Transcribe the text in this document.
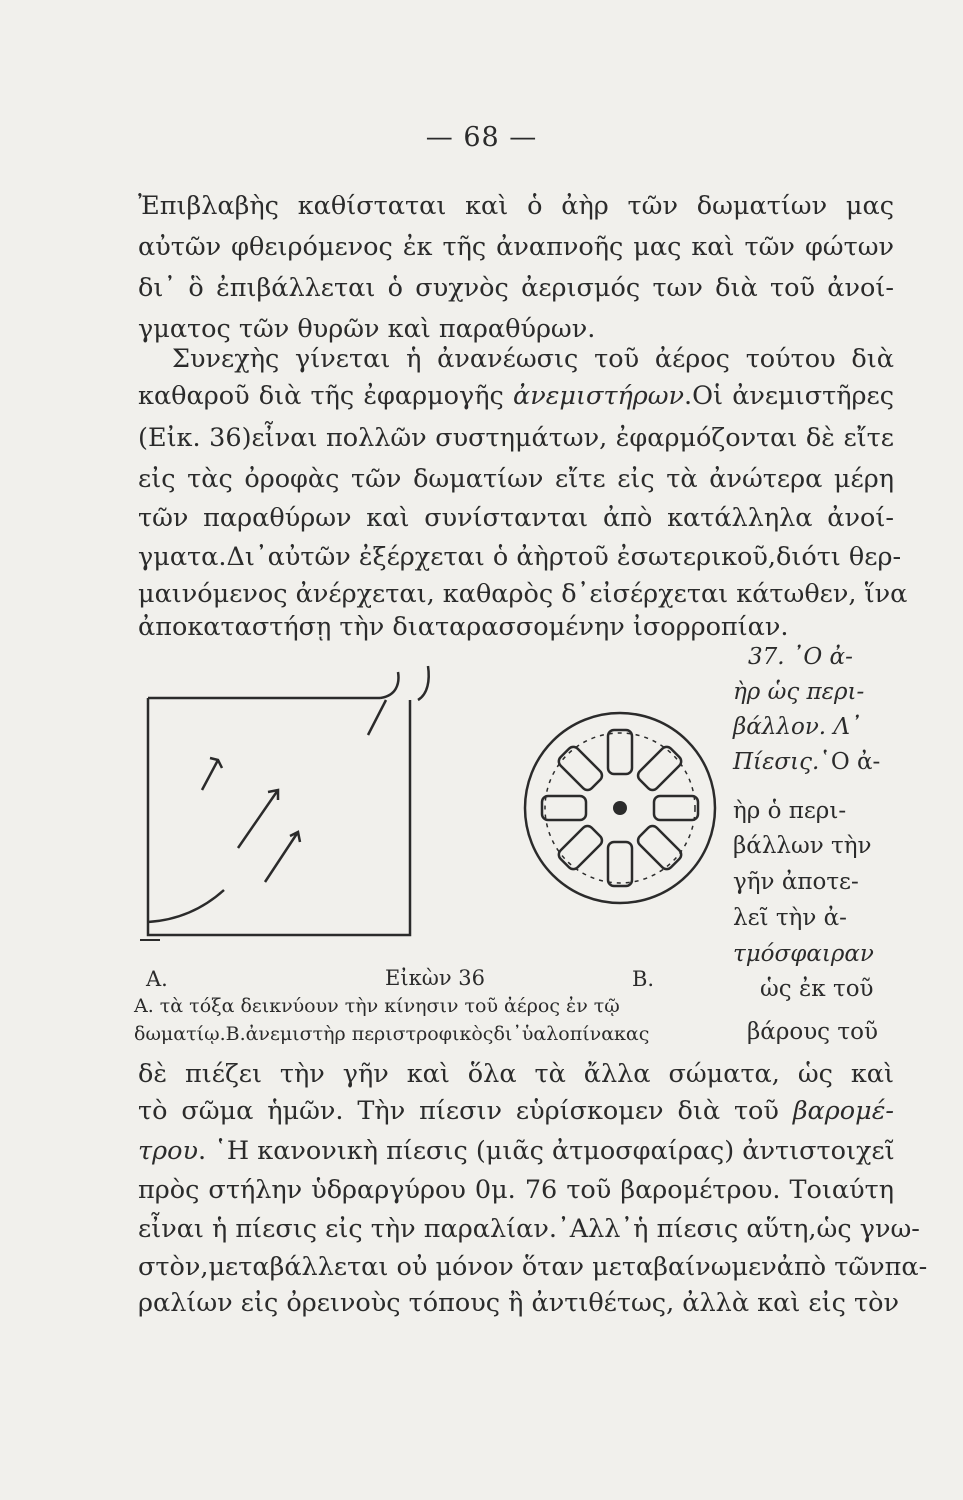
— 68 —
Ἐπιβλαβὴς καθίσταται καὶ ὁ ἀὴρ τῶν δωματίων μας
αὐτῶν φθειρόμενος ἐκ τῆς ἀναπνοῆς μας καὶ τῶν φώτων
δι᾽ ὃ ἐπιβάλλεται ὁ συχνὸς ἀερισμός των διὰ τοῦ ἀνοί-
γματος τῶν θυρῶν καὶ παραθύρων.
Συνεχὴς γίνεται ἡ ἀνανέωσις τοῦ ἀέρος τούτου διὰ
καθαροῦ διὰ τῆς ἐφαρμογῆς ἀνεμιστήρων.Οἱ ἀνεμιστῆρες
(Εἰκ. 36)εἶναι πολλῶν συστημάτων, ἐφαρμόζονται δὲ εἴτε
εἰς τὰς ὀροφὰς τῶν δωματίων εἴτε εἰς τὰ ἀνώτερα μέρη
τῶν παραθύρων καὶ συνίστανται ἀπὸ κατάλληλα ἀνοί-
γματα.Δι᾽αὐτῶν ἐξέρχεται ὁ ἀὴρτοῦ ἐσωτερικοῦ,διότι θερ-
μαινόμενος ἀνέρχεται, καθαρὸς δ᾽εἰσέρχεται κάτωθεν, ἵνα
ἀποκαταστήσῃ τὴν διαταρασσομένην ἰσορροπίαν.
37. ᾿Ο ἀ-
ὴρ ὡς περι-
βάλλον. Λ᾽
Πίεσις.῾Ο ἀ-
ὴρ ὁ περι-
βάλλων τὴν
γῆν ἀποτε-
λεῖ τὴν ἀ-
τμόσφαιραν
ὡς ἐκ τοῦ
βάρους τοῦ
A.	Εἰκὼν 36	B.
A. τὰ τόξα δεικνύουν τὴν κίνησιν τοῦ ἀέρος ἐν τῷ
δωματίῳ.B.ἀνεμιστὴρ περιστροφικὸςδι᾽ὑαλοπίνακας
δὲ πιέζει τὴν γῆν καὶ ὅλα τὰ ἄλλα σώματα, ὡς καὶ
τὸ σῶμα ἡμῶν. Τὴν πίεσιν εὑρίσκομεν διὰ τοῦ βαρομέ-
τρου. ῾Η κανονικὴ πίεσις (μιᾶς ἀτμοσφαίρας) ἀντιστοιχεῖ
πρὸς στήλην ὑδραργύρου 0μ. 76 τοῦ βαρομέτρου. Τοιαύτη
εἶναι ἡ πίεσις εἰς τὴν παραλίαν.᾿Αλλ᾽ἡ πίεσις αὕτη,ὡς γνω-
στὸν,μεταβάλλεται οὐ μόνον ὅταν μεταβαίνωμενἀπὸ τῶνπα-
ραλίων εἰς ὀρεινοὺς τόπους ἢ ἀντιθέτως, ἀλλὰ καὶ εἰς τὸν
